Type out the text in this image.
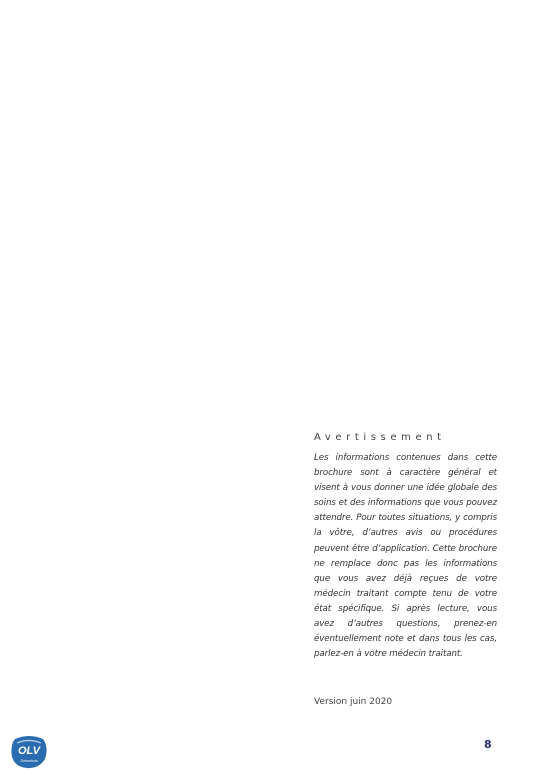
Avertissement

Les informations contenues dans cette brochure sont à caractère général et visent à vous donner une idée globale des soins et des informations que vous pouvez attendre. Pour toutes situations, y compris la vôtre, d’autres avis ou procédures peuvent être d’application. Cette brochure ne remplace donc pas les informations que vous avez déjà reçues de votre médecin traitant compte tenu de votre état spécifique. Si après lecture, vous avez d’autres questions, prenez-en éventuellement note et dans tous les cas, parlez-en à votre médecin traitant.

Version juin 2020
OLV
Ziekenhuis
8
